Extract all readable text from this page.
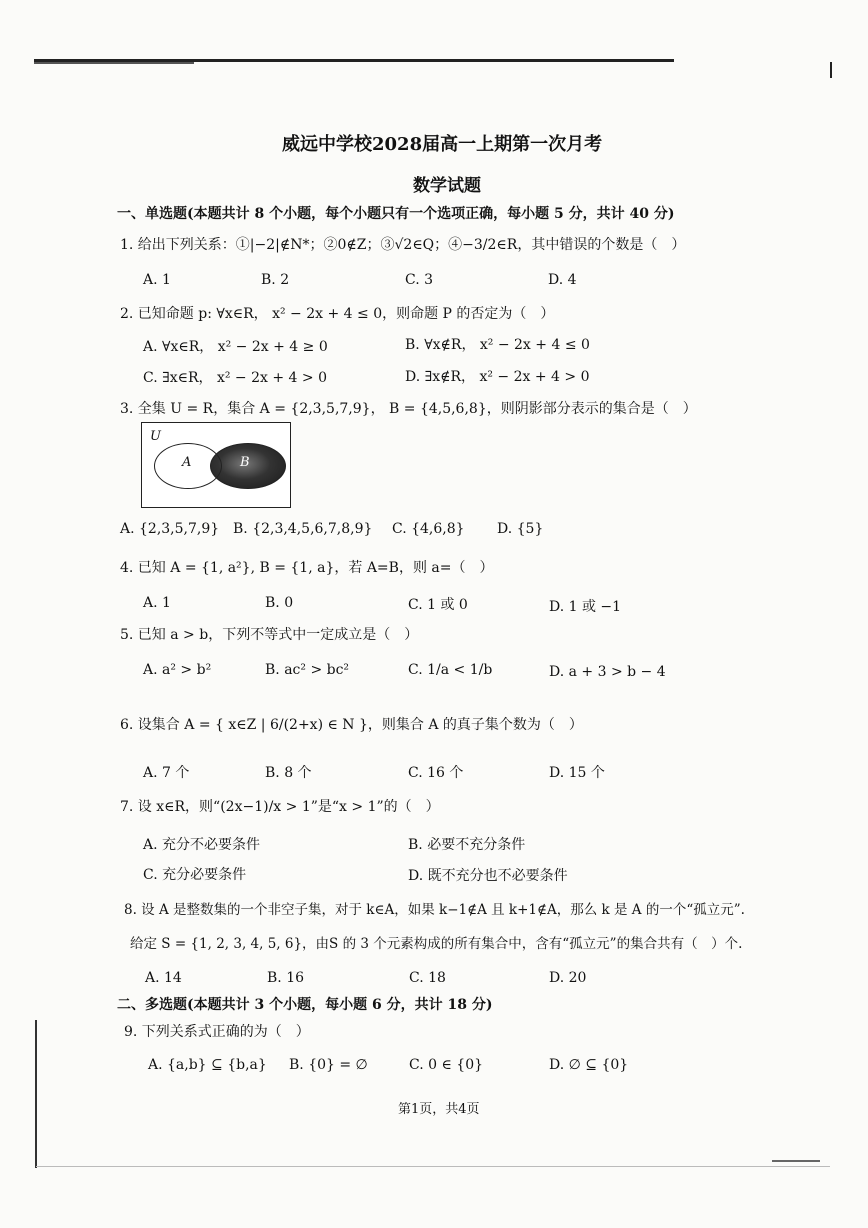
威远中学校2028届高一上期第一次月考
数学试题
一、单选题(本题共计 8 个小题，每个小题只有一个选项正确，每小题 5 分，共计 40 分)
1. 给出下列关系：①|−2|∉N*；②0∉Z；③√2∈Q；④−3/2∈R，其中错误的个数是（　）
A. 1	B. 2	C. 3	D. 4
2. 已知命题 p: ∀x∈R， x² − 2x + 4 ≤ 0，则命题 P 的否定为（　）
A. ∀x∈R， x² − 2x + 4 ≥ 0	B. ∀x∉R， x² − 2x + 4 ≤ 0
C. ∃x∈R， x² − 2x + 4 > 0	D. ∃x∉R， x² − 2x + 4 > 0
3. 全集 U = R，集合 A = {2,3,5,7,9}， B = {4,5,6,8}，则阴影部分表示的集合是（　）
U
A	B
A. {2,3,5,7,9} B. {2,3,4,5,6,7,8,9} C. {4,6,8} D. {5}
4. 已知 A = {1, a²}, B = {1, a}，若 A=B，则 a=（　）
A. 1	B. 0	C. 1 或 0	D. 1 或 −1
5. 已知 a > b，下列不等式中一定成立是（　）
A. a² > b²	B. ac² > bc²	C. 1/a < 1/b	D. a + 3 > b − 4
6. 设集合 A = { x∈Z | 6/(2+x) ∈ N }，则集合 A 的真子集个数为（　）
A. 7 个	B. 8 个	C. 16 个	D. 15 个
7. 设 x∈R，则“(2x−1)/x > 1”是“x > 1”的（　）
A. 充分不必要条件	B. 必要不充分条件
C. 充分必要条件	D. 既不充分也不必要条件
8. 设 A 是整数集的一个非空子集，对于 k∈A，如果 k−1∉A 且 k+1∉A，那么 k 是 A 的一个“孤立元”.
给定 S = {1, 2, 3, 4, 5, 6}，由S 的 3 个元素构成的所有集合中，含有“孤立元”的集合共有（　）个.
A. 14	B. 16	C. 18	D. 20
二、多选题(本题共计 3 个小题，每小题 6 分，共计 18 分)
9. 下列关系式正确的为（　）
A. {a,b} ⊆ {b,a} B. {0} = ∅	C. 0 ∈ {0}	D. ∅ ⊆ {0}
第1页，共4页
